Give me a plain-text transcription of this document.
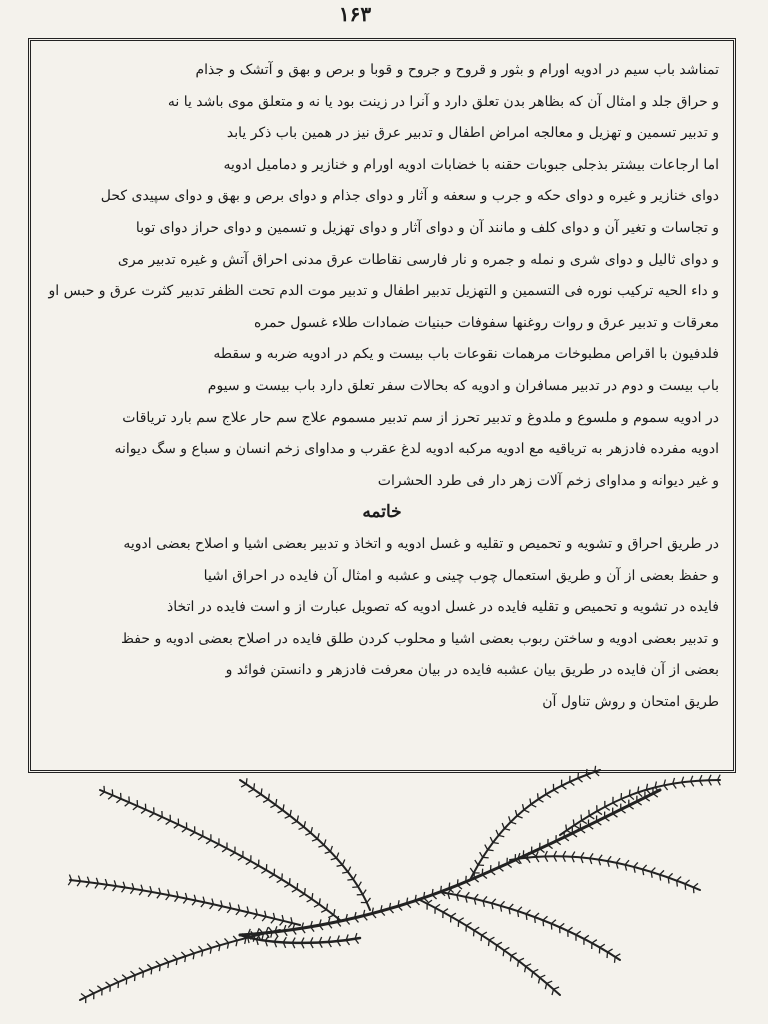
۱۶۳
تمناشد باب سیم در ادویه اورام و بثور و قروح و جروح و قوبا و برص و بهق و آتشک و جذام
و حراق جلد و امثال آن که بظاهر بدن تعلق دارد و آنرا در زینت بود یا نه و متعلق موی باشد یا نه
و تدبیر تسمین و تهزیل و معالجه امراض اطفال و تدبیر عرق نیز در همین باب ذکر یابد
اما ارجاعات بیشتر بذجلی جبوبات حقنه با خضابات ادویه اورام و خنازیر و دمامیل ادویه
دوای خنازیر و غیره و دوای حکه و جرب و سعفه و آثار و دوای جذام و دوای برص و بهق و دوای سپیدی کحل
و تجاسات و تغیر آن و دوای کلف و مانند آن و دوای آثار و دوای تهزیل و تسمین و دوای حراز دوای توبا
و دوای ثالیل و دوای شری و نمله و جمره و نار فارسی نقاطات عرق مدنی احراق آتش و غیره تدبیر مری
و داء الحیه ترکیب نوره فی التسمین و التهزیل تدبیر اطفال و تدبیر موت الدم تحت الظفر تدبیر کثرت عرق و حبس او
معرقات و تدبیر عرق و روات روغنها سفوفات حبنیات ضمادات طلاء غسول حمره
فلدفیون با اقراص مطبوخات مرهمات نقوعات باب بیست و یکم در ادویه ضربه و سقطه
باب بیست و دوم در تدبیر مسافران و ادویه که بحالات سفر تعلق دارد باب بیست و سیوم
در ادویه سموم و ملسوع و ملدوغ و تدبیر تحرز از سم تدبیر مسموم علاج سم حار علاج سم بارد تریاقات
ادویه مفرده فادزهر به تریاقیه مع ادویه مرکبه ادویه لدغ عقرب و مداوای زخم انسان و سباع و سگ دیوانه
و غیر دیوانه و مداوای زخم آلات زهر دار فی طرد الحشرات
خاتمه
در طریق احراق و تشویه و تحمیص و تقلیه و غسل ادویه و اتخاذ و تدبیر بعضی اشیا و اصلاح بعضی ادویه
و حفظ بعضی از آن و طریق استعمال چوب چینی و عشبه و امثال آن فایده در احراق اشیا
فایده در تشویه و تحمیص و تقلیه فایده در غسل ادویه که تصویل عبارت از و است فایده در اتخاذ
و تدبیر بعضی ادویه و ساختن ربوب بعضی اشیا و محلوب کردن طلق فایده در اصلاح بعضی ادویه و حفظ
بعضی از آن فایده در طریق بیان عشبه فایده در بیان معرفت فادزهر و دانستن فوائد و
طریق امتحان و روش تناول آن
